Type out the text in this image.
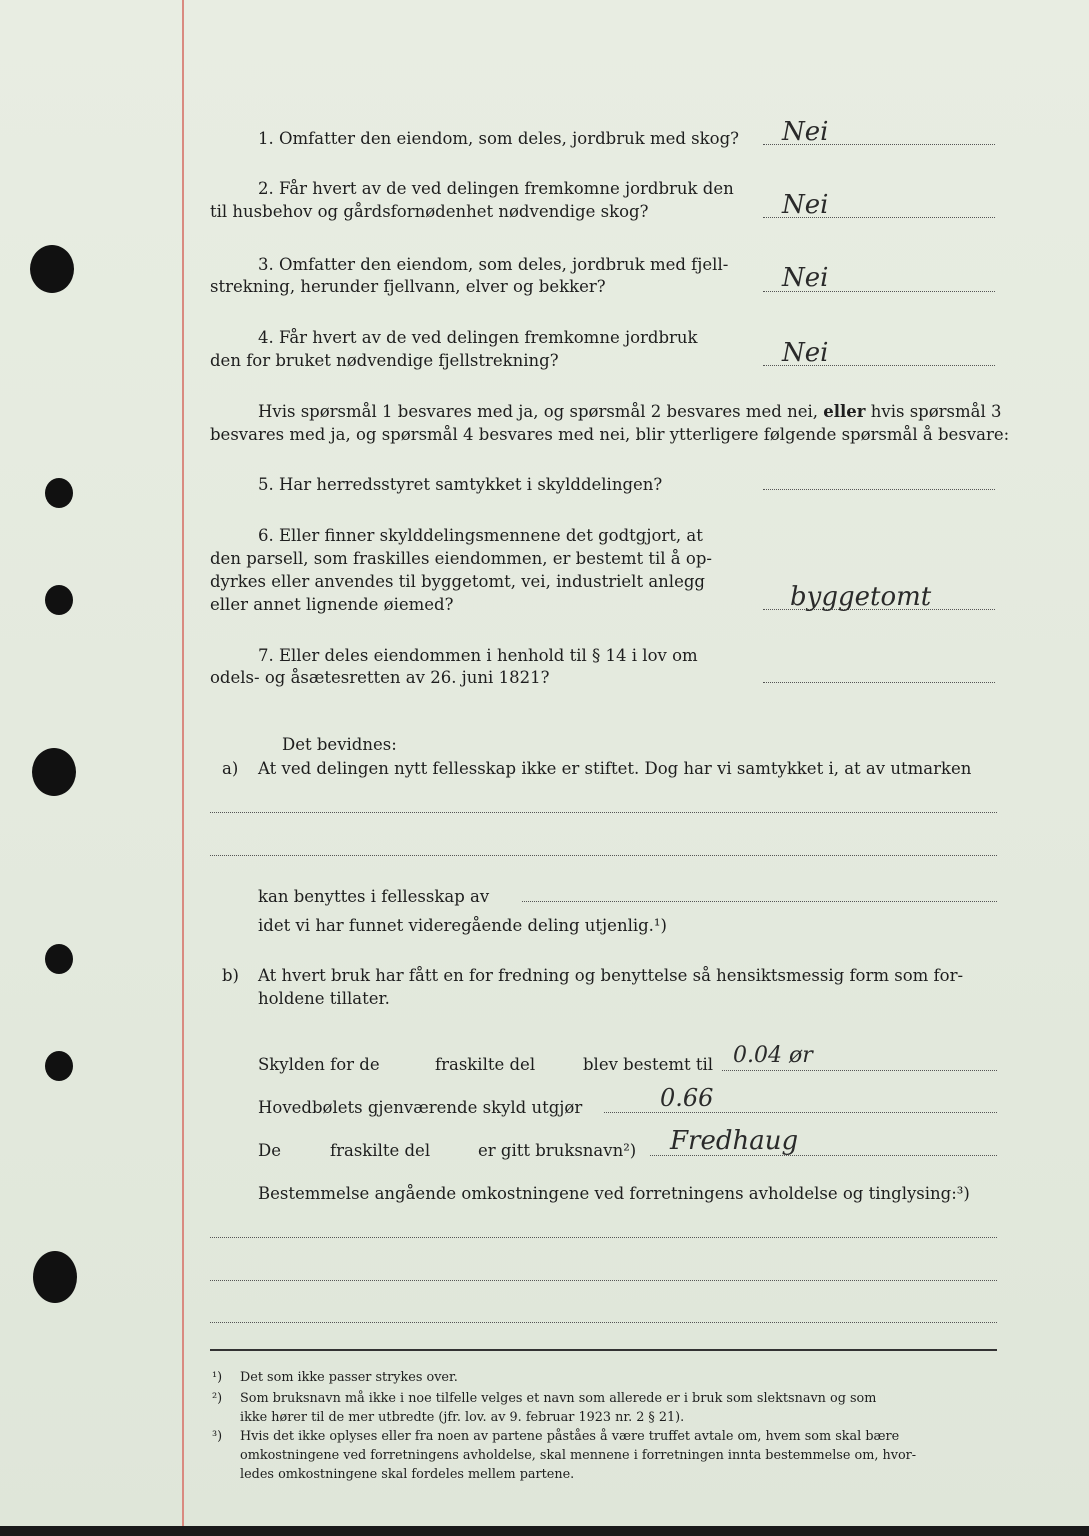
1. Omfatter den eiendom, som deles, jordbruk med skog? Nei
2. Får hvert av de ved delingen fremkomne jordbruk den
til husbehov og gårdsfornødenhet nødvendige skog?	Nei
3. Omfatter den eiendom, som deles, jordbruk med fjell-
strekning, herunder fjellvann, elver og bekker?	Nei
4. Får hvert av de ved delingen fremkomne jordbruk
den for bruket nødvendige fjellstrekning?	Nei
Hvis spørsmål 1 besvares med ja, og spørsmål 2 besvares med nei, eller hvis spørsmål 3
besvares med ja, og spørsmål 4 besvares med nei, blir ytterligere følgende spørsmål å besvare:
5. Har herredsstyret samtykket i skylddelingen?
6. Eller finner skylddelingsmennene det godtgjort, at
den parsell, som fraskilles eiendommen, er bestemt til å op-
dyrkes eller anvendes til byggetomt, vei, industrielt anlegg
eller annet lignende øiemed?	byggetomt
7. Eller deles eiendommen i henhold til § 14 i lov om
odels- og åsætesretten av 26. juni 1821?
Det bevidnes:
a) At ved delingen nytt fellesskap ikke er stiftet. Dog har vi samtykket i, at av utmarken
kan benyttes i fellesskap av
idet vi har funnet videregående deling utjenlig.¹)
b) At hvert bruk har fått en for fredning og benyttelse så hensiktsmessig form som for-
holdene tillater.
Skylden for de	fraskilte del	blev bestemt til 0.04 ør
Hovedbølets gjenværende skyld utgjør	0.66
De	fraskilte del	er gitt bruksnavn²) Fredhaug
Bestemmelse angående omkostningene ved forretningens avholdelse og tinglysing:³)
¹) Det som ikke passer strykes over.
²) Som bruksnavn må ikke i noe tilfelle velges et navn som allerede er i bruk som slektsnavn og som
ikke hører til de mer utbredte (jfr. lov. av 9. februar 1923 nr. 2 § 21).
³) Hvis det ikke oplyses eller fra noen av partene påståes å være truffet avtale om, hvem som skal bære
omkostningene ved forretningens avholdelse, skal mennene i forretningen innta bestemmelse om, hvor-
ledes omkostningene skal fordeles mellem partene.
